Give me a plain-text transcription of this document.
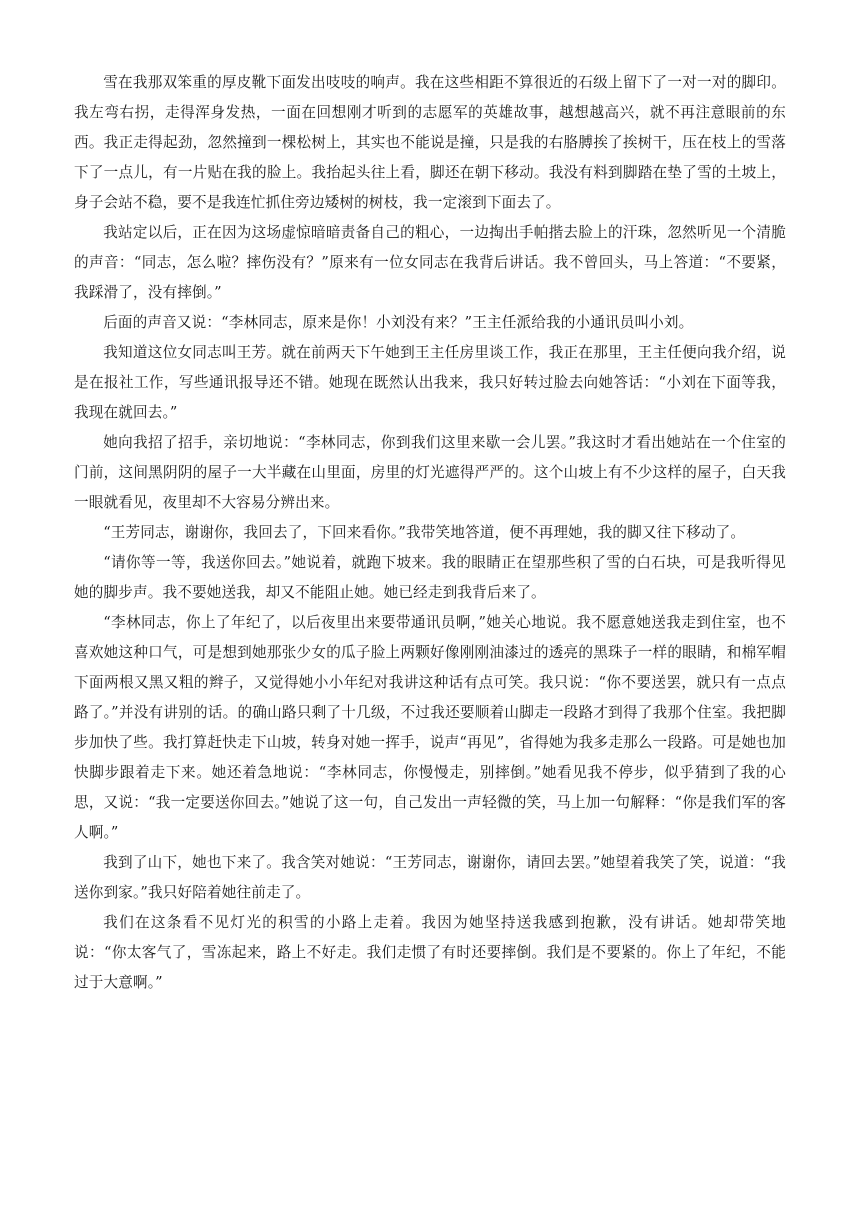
雪在我那双笨重的厚皮靴下面发出吱吱的响声。我在这些相距不算很近的石级上留下了一对一对的脚印。我左弯右拐，走得浑身发热，一面在回想刚才听到的志愿军的英雄故事，越想越高兴，就不再注意眼前的东西。我正走得起劲，忽然撞到一棵松树上，其实也不能说是撞，只是我的右胳膊挨了挨树干，压在枝上的雪落下了一点儿，有一片贴在我的脸上。我抬起头往上看，脚还在朝下移动。我没有料到脚踏在垫了雪的土坡上，身子会站不稳，要不是我连忙抓住旁边矮树的树枝，我一定滚到下面去了。

我站定以后，正在因为这场虚惊暗暗责备自己的粗心，一边掏出手帕揩去脸上的汗珠，忽然听见一个清脆的声音：“同志，怎么啦？摔伤没有？”原来有一位女同志在我背后讲话。我不曾回头，马上答道：“不要紧，我踩滑了，没有摔倒。”

后面的声音又说：“李林同志，原来是你！小刘没有来？”王主任派给我的小通讯员叫小刘。

我知道这位女同志叫王芳。就在前两天下午她到王主任房里谈工作，我正在那里，王主任便向我介绍，说是在报社工作，写些通讯报导还不错。她现在既然认出我来，我只好转过脸去向她答话：“小刘在下面等我，我现在就回去。”

她向我招了招手，亲切地说：“李林同志，你到我们这里来歇一会儿罢。”我这时才看出她站在一个住室的门前，这间黑阴阴的屋子一大半藏在山里面，房里的灯光遮得严严的。这个山坡上有不少这样的屋子，白天我一眼就看见，夜里却不大容易分辨出来。

“王芳同志，谢谢你，我回去了，下回来看你。”我带笑地答道，便不再理她，我的脚又往下移动了。

“请你等一等，我送你回去。”她说着，就跑下坡来。我的眼睛正在望那些积了雪的白石块，可是我听得见她的脚步声。我不要她送我，却又不能阻止她。她已经走到我背后来了。

“李林同志，你上了年纪了，以后夜里出来要带通讯员啊，”她关心地说。我不愿意她送我走到住室，也不喜欢她这种口气，可是想到她那张少女的瓜子脸上两颗好像刚刚油漆过的透亮的黑珠子一样的眼睛，和棉军帽下面两根又黑又粗的辫子，又觉得她小小年纪对我讲这种话有点可笑。我只说：“你不要送罢，就只有一点点路了。”并没有讲别的话。的确山路只剩了十几级，不过我还要顺着山脚走一段路才到得了我那个住室。我把脚步加快了些。我打算赶快走下山坡，转身对她一挥手，说声“再见”，省得她为我多走那么一段路。可是她也加快脚步跟着走下来。她还着急地说：“李林同志，你慢慢走，别摔倒。”她看见我不停步，似乎猜到了我的心思，又说：“我一定要送你回去。”她说了这一句，自己发出一声轻微的笑，马上加一句解释：“你是我们军的客人啊。”

我到了山下，她也下来了。我含笑对她说：“王芳同志，谢谢你，请回去罢。”她望着我笑了笑，说道：“我送你到家。”我只好陪着她往前走了。

我们在这条看不见灯光的积雪的小路上走着。我因为她坚持送我感到抱歉，没有讲话。她却带笑地说：“你太客气了，雪冻起来，路上不好走。我们走惯了有时还要摔倒。我们是不要紧的。你上了年纪，不能过于大意啊。”
